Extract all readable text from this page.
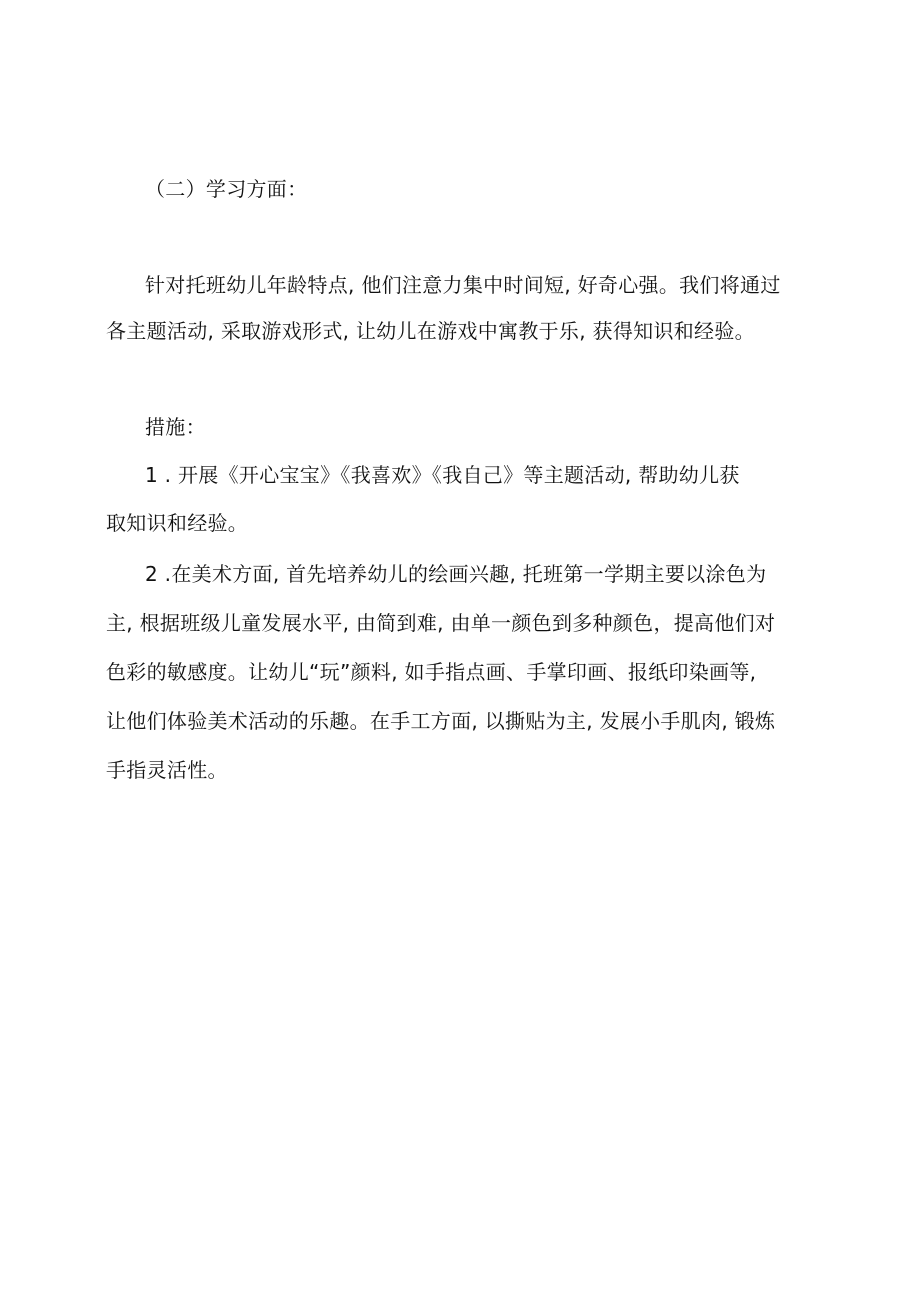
（二）学习方面：
针对托班幼儿年龄特点, 他们注意力集中时间短, 好奇心强。我们将通过
各主题活动, 采取游戏形式, 让幼儿在游戏中寓教于乐, 获得知识和经验。
措施：
1 . 开展《开心宝宝》《我喜欢》《我自己》等主题活动, 帮助幼儿获
取知识和经验。
2 .在美术方面, 首先培养幼儿的绘画兴趣, 托班第一学期主要以涂色为
主, 根据班级儿童发展水平, 由简到难, 由单一颜色到多种颜色，提高他们对
色彩的敏感度。让幼儿“玩”颜料, 如手指点画、手掌印画、报纸印染画等,
让他们体验美术活动的乐趣。在手工方面, 以撕贴为主, 发展小手肌肉, 锻炼
手指灵活性。
